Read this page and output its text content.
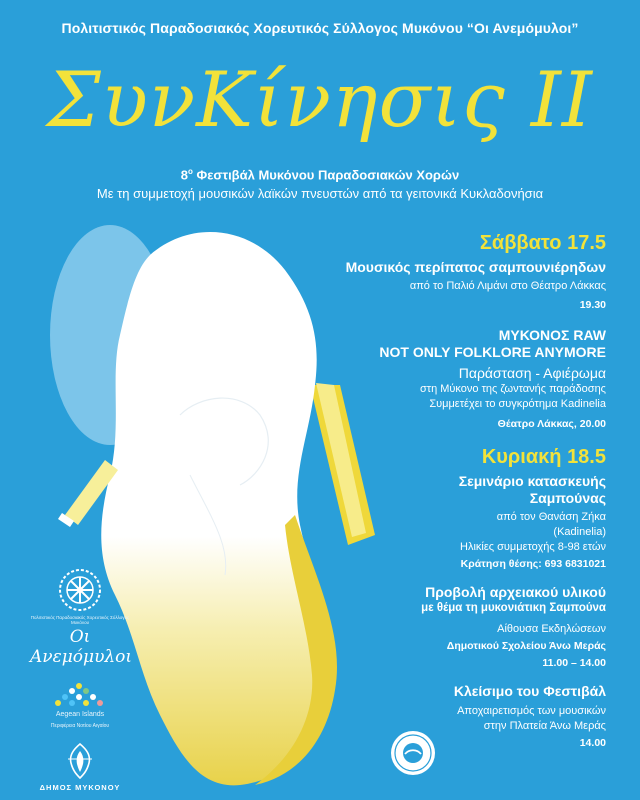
Πολιτιστικός Παραδοσιακός Χορευτικός Σύλλογος Μυκόνου “Οι Ανεμόμυλοι”
ΣυνΚίνησις ΙΙ
$8^o$ Φεστιβάλ Μυκόνου Παραδοσιακών Χορών
Με τη συμμετοχή μουσικών λαϊκών πνευστών από τα γειτονικά Κυκλαδονήσια
Σάββατο 17.5
Μουσικός περίπατος σαμπουνιέρηδων
από το Παλιό Λιμάνι στο Θέατρο Λάκκας
19.30
ΜΥΚΟΝΟΣ RAW
NOT ONLY FOLKLORE ANYMORE
Παράσταση - Αφιέρωμα
στη Μύκονο της ζωντανής παράδοσης
Συμμετέχει το συγκρότημα Kadinelia
Θέατρο Λάκκας, 20.00
Κυριακή 18.5
Σεμινάριο κατασκευής
Σαμπούνας
από τον Θανάση Ζήκα
(Kadinelia)
Ηλικίες συμμετοχής 8-98 ετών
Κράτηση θέσης: 693 6831021
Προβολή αρχειακού υλικού
με θέμα τη μυκονιάτικη Σαμπούνα
Αίθουσα Εκδηλώσεων
Δημοτικού Σχολείου Άνω Μεράς
11.00 – 14.00
Κλείσιμο του Φεστιβάλ
Αποχαιρετισμός των μουσικών
στην Πλατεία Άνω Μεράς
14.00
Πολιτιστικός Παραδοσιακός Χορευτικός Σύλλογος Μυκόνου
Οι Ανεμόμυλοι
Aegean Islands
Περιφέρεια Νοτίου Αιγαίου
ΔΗΜΟΣ ΜΥΚΟΝΟΥ
